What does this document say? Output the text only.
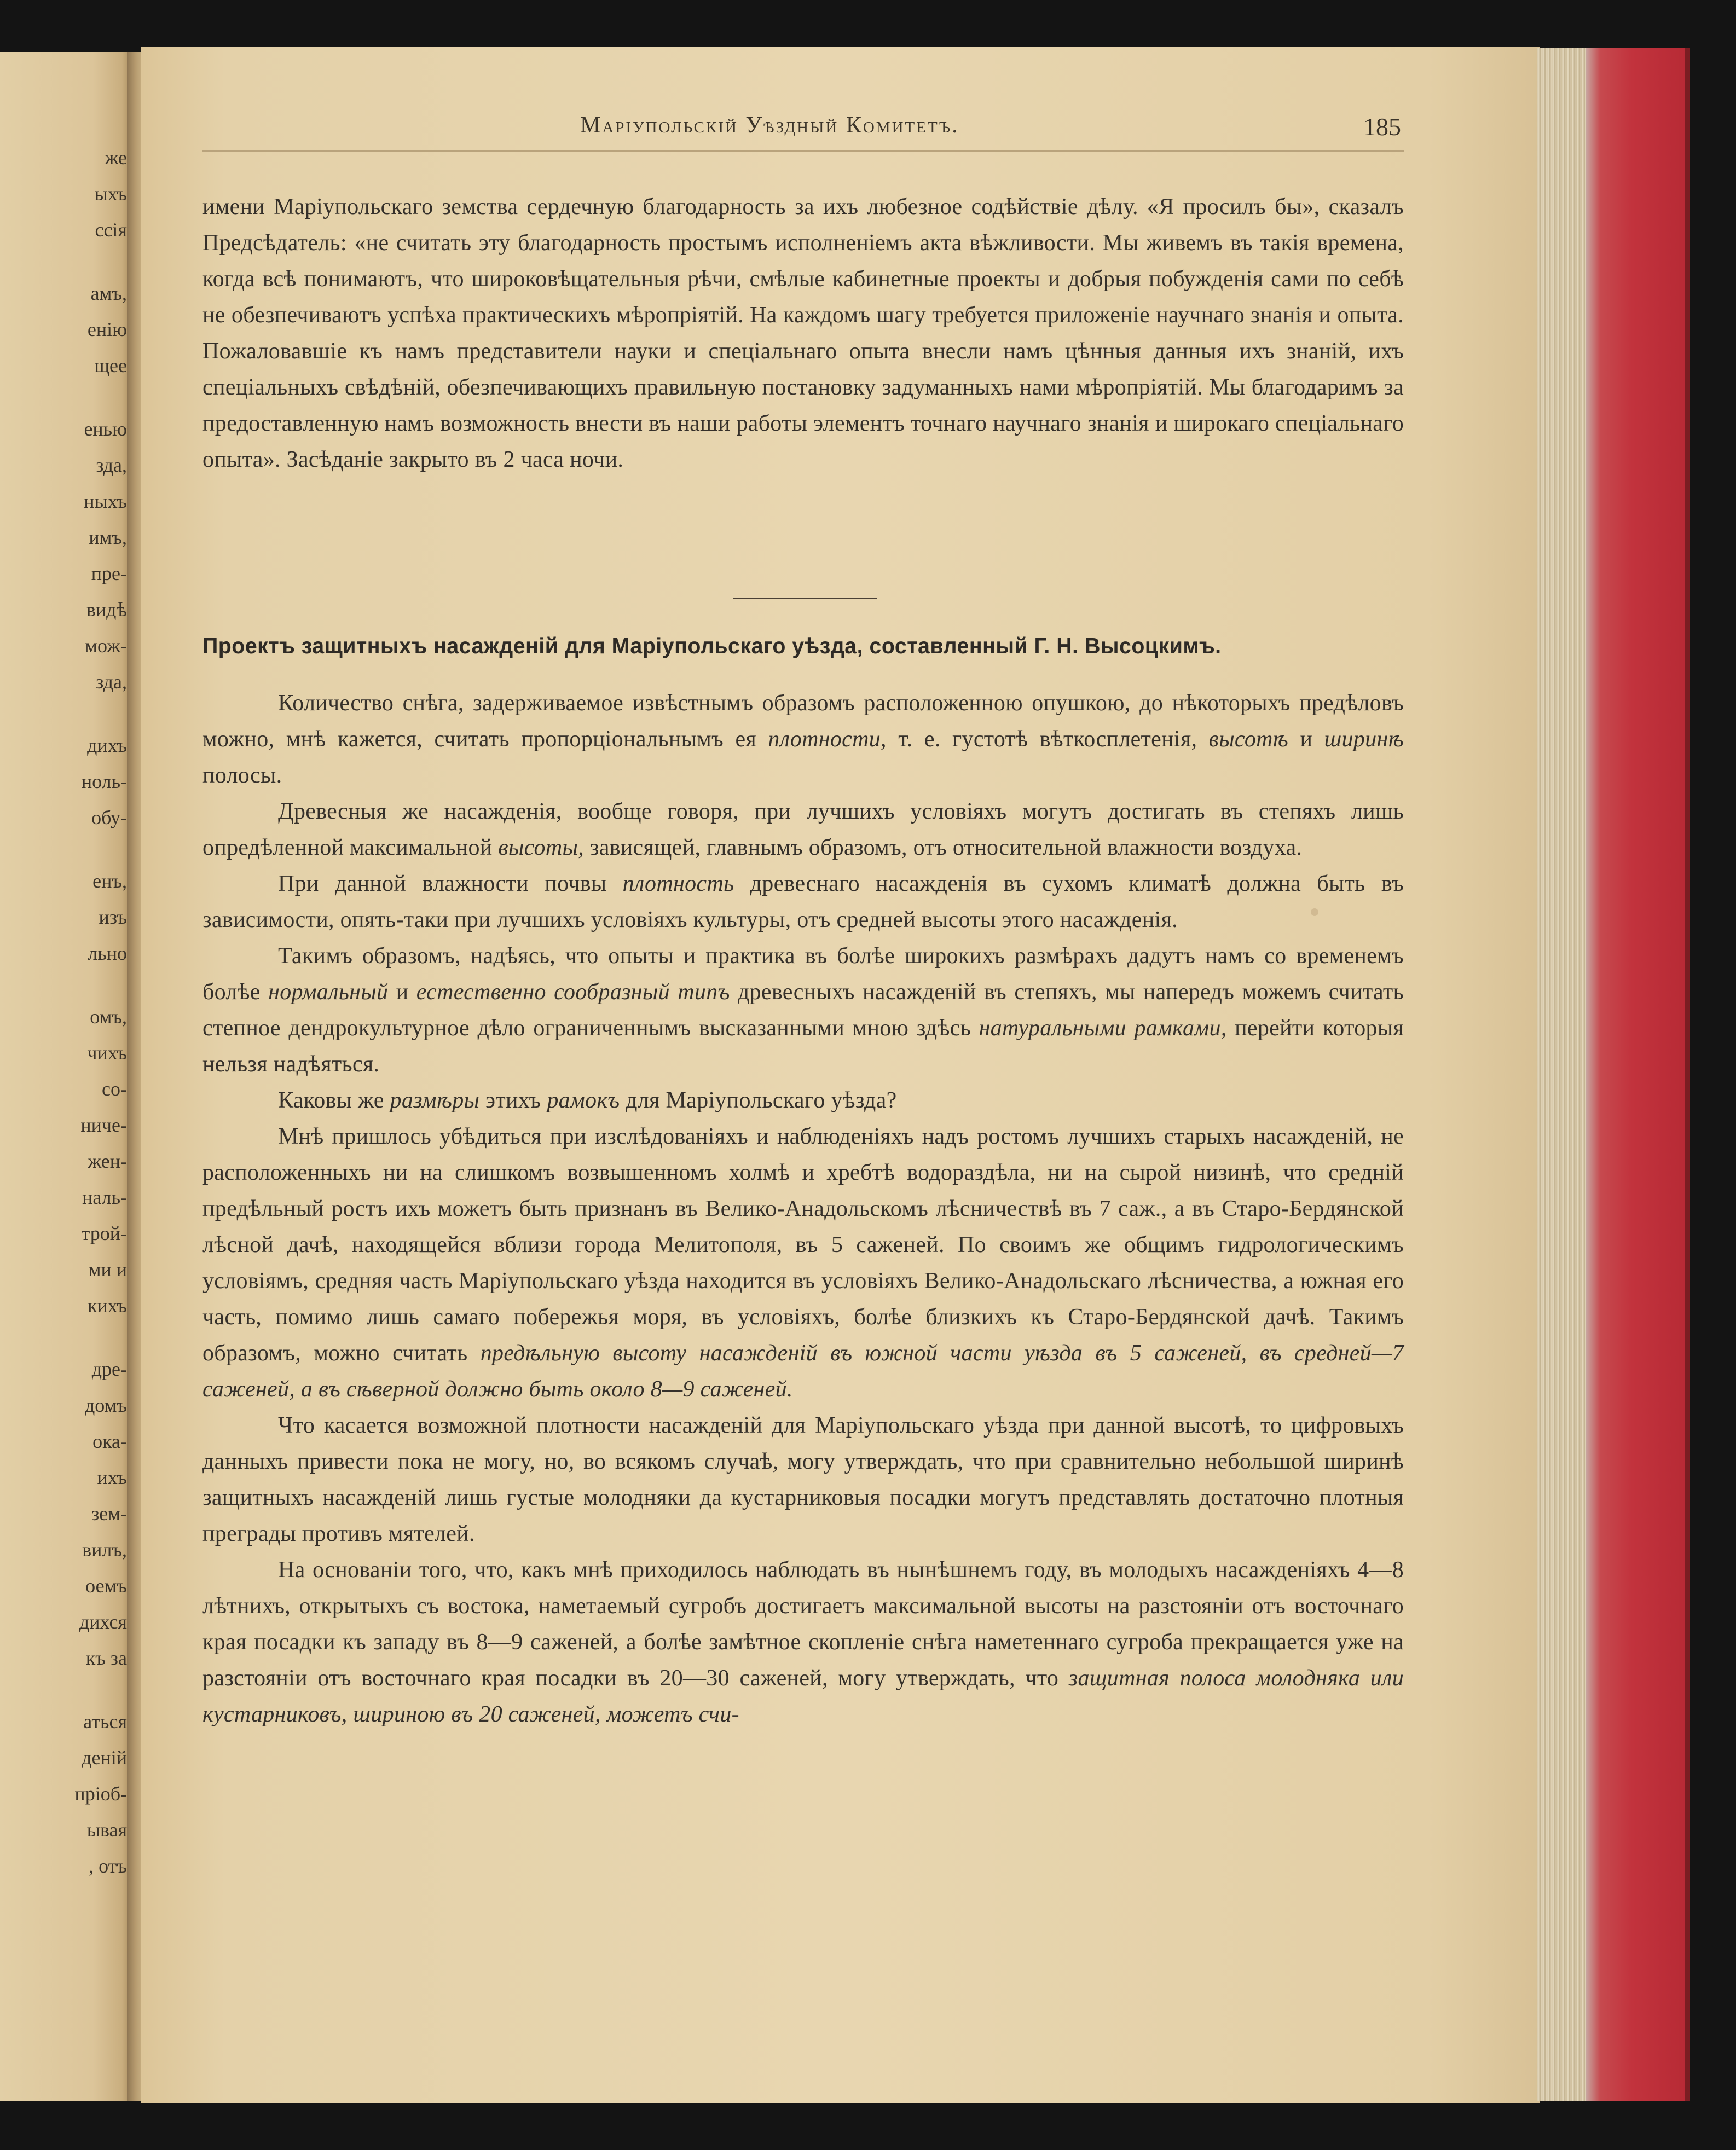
же
ыхъ
ссія
амъ,
енію
щее
енью
зда,
ныхъ
имъ,
пре-
видѣ
мож-
зда,
дихъ
ноль-
обу-
енъ,
изъ
льно
омъ,
чихъ
со-
ниче-
жен-
наль-
трой-
ми и
кихъ
дре-
домъ
ока-
ихъ
зем-
вилъ,
оемъ
дихся
къ за
аться
деній
пріоб-
ывая
, отъ
Маріупольскій Уѣздный Комитетъ.	185

имени Маріупольскаго земства сердечную благодарность за ихъ любезное содѣйствіе дѣлу. «Я просилъ бы», сказалъ Предсѣдатель: «не считать эту благодарность простымъ исполненіемъ акта вѣжливости. Мы живемъ въ такія времена, когда всѣ понимаютъ, что широковѣщательныя рѣчи, смѣлые кабинетные проекты и добрыя побужденія сами по себѣ не обезпечиваютъ успѣха практическихъ мѣропріятій. На каждомъ шагу требуется приложеніе научнаго знанія и опыта. Пожаловавшіе къ намъ представители науки и спеціальнаго опыта внесли намъ цѣнныя данныя ихъ знаній, ихъ спеціальныхъ свѣдѣній, обезпечивающихъ правильную постановку задуманныхъ нами мѣропріятій. Мы благодаримъ за предоставленную намъ возможность внести въ наши работы элементъ точнаго научнаго знанія и широкаго спеціальнаго опыта». Засѣданіе закрыто въ 2 часа ночи.

Проектъ защитныхъ насажденій для Маріупольскаго уѣзда, составленный Г. Н. Высоцкимъ.

Количество снѣга, задерживаемое извѣстнымъ образомъ расположенною опушкою, до нѣкоторыхъ предѣловъ можно, мнѣ кажется, считать пропорціональнымъ ея плотности, т. е. густотѣ вѣткосплетенія, высотѣ и ширинѣ полосы.

Древесныя же насажденія, вообще говоря, при лучшихъ условіяхъ могутъ достигать въ степяхъ лишь опредѣленной максимальной высоты, зависящей, главнымъ образомъ, отъ относительной влажности воздуха.

При данной влажности почвы плотность древеснаго насажденія въ сухомъ климатѣ должна быть въ зависимости, опять-таки при лучшихъ условіяхъ культуры, отъ средней высоты этого насажденія.

Такимъ образомъ, надѣясь, что опыты и практика въ болѣе широкихъ размѣрахъ дадутъ намъ со временемъ болѣе нормальный и естественно сообразный типъ древесныхъ насажденій въ степяхъ, мы напередъ можемъ считать степное дендрокультурное дѣло ограниченнымъ высказанными мною здѣсь натуральными рамками, перейти которыя нельзя надѣяться.

Каковы же размѣры этихъ рамокъ для Маріупольскаго уѣзда?

Мнѣ пришлось убѣдиться при изслѣдованіяхъ и наблюденіяхъ надъ ростомъ лучшихъ старыхъ насажденій, не расположенныхъ ни на слишкомъ возвышенномъ холмѣ и хребтѣ водораздѣла, ни на сырой низинѣ, что средній предѣльный ростъ ихъ можетъ быть признанъ въ Велико-Анадольскомъ лѣсничествѣ въ 7 саж., а въ Старо-Бердянской лѣсной дачѣ, находящейся вблизи города Мелитополя, въ 5 саженей. По своимъ же общимъ гидрологическимъ условіямъ, средняя часть Маріупольскаго уѣзда находится въ условіяхъ Велико-Анадольскаго лѣсничества, а южная его часть, помимо лишь самаго побережья моря, въ условіяхъ, болѣе близкихъ къ Старо-Бердянской дачѣ. Такимъ образомъ, можно считать предѣльную высоту насажденій въ южной части уѣзда въ 5 саженей, въ средней—7 саженей, а въ сѣверной должно быть около 8—9 саженей.

Что касается возможной плотности насажденій для Маріупольскаго уѣзда при данной высотѣ, то цифровыхъ данныхъ привести пока не могу, но, во всякомъ случаѣ, могу утверждать, что при сравнительно небольшой ширинѣ защитныхъ насажденій лишь густые молодняки да кустарниковыя посадки могутъ представлять достаточно плотныя преграды противъ мятелей.

На основаніи того, что, какъ мнѣ приходилось наблюдать въ нынѣшнемъ году, въ молодыхъ насажденіяхъ 4—8 лѣтнихъ, открытыхъ съ востока, наметаемый сугробъ достигаетъ максимальной высоты на разстояніи отъ восточнаго края посадки къ западу въ 8—9 саженей, а болѣе замѣтное скопленіе снѣга наметеннаго сугроба прекращается уже на разстояніи отъ восточнаго края посадки въ 20—30 саженей, могу утверждать, что защитная полоса молодняка или кустарниковъ, шириною въ 20 саженей, можетъ счи-
